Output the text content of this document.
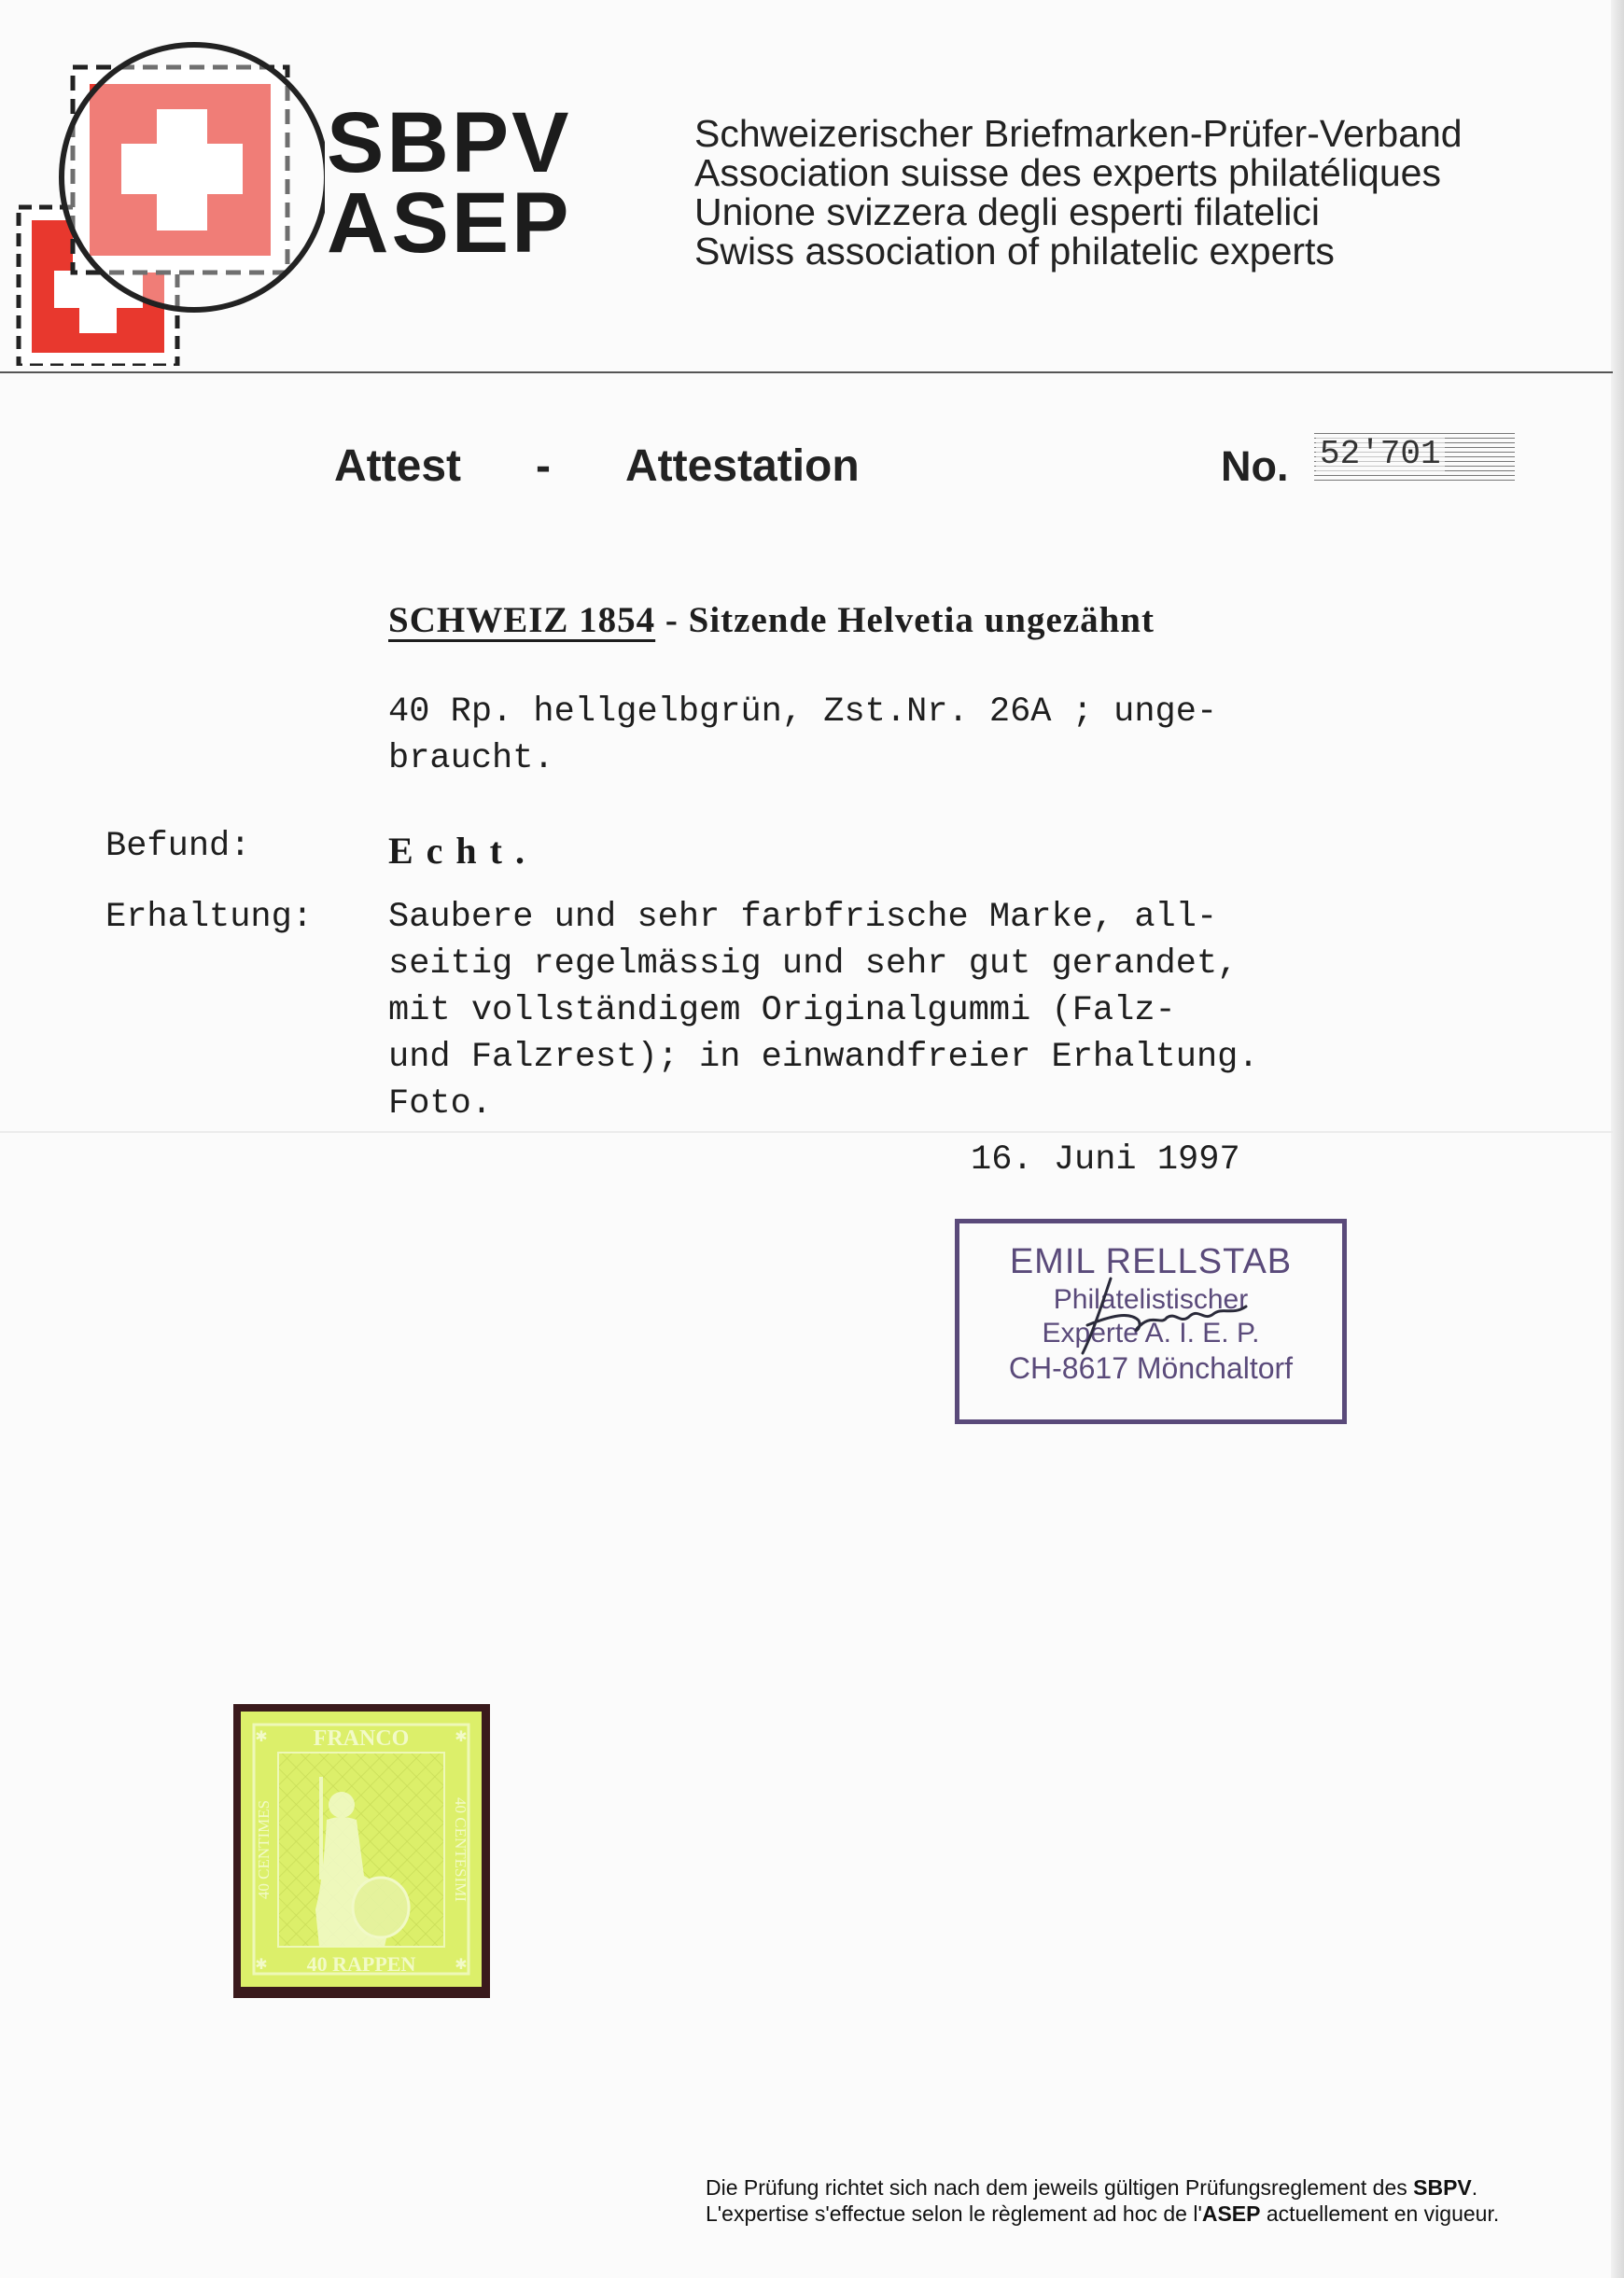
SBPV
ASEP
Schweizerischer Briefmarken-Prüfer-Verband
Association suisse des experts philatéliques
Unione svizzera degli esperti filatelici
Swiss association of philatelic experts
Attest - Attestation	No. 52'701
SCHWEIZ 1854 - Sitzende Helvetia ungezähnt
40 Rp. hellgelbgrün, Zst.Nr. 26A ; unge-
braucht.
Befund:	Echt.
Erhaltung: Saubere und sehr farbfrische Marke, all-
seitig regelmässig und sehr gut gerandet,
mit vollständigem Originalgummi (Falz-
und Falzrest); in einwandfreier Erhaltung.
Foto.
16. Juni 1997
EMIL RELLSTAB
Philatelistischer
Experte A. I. E. P.
CH-8617 Mönchaltorf
FRANCO
40 RAPPEN
40 CENTIMES	40 CENTESIMI
✱	✱
✱	✱
Die Prüfung richtet sich nach dem jeweils gültigen Prüfungsreglement des SBPV.
L'expertise s'effectue selon le règlement ad hoc de l'ASEP actuellement en vigueur.
